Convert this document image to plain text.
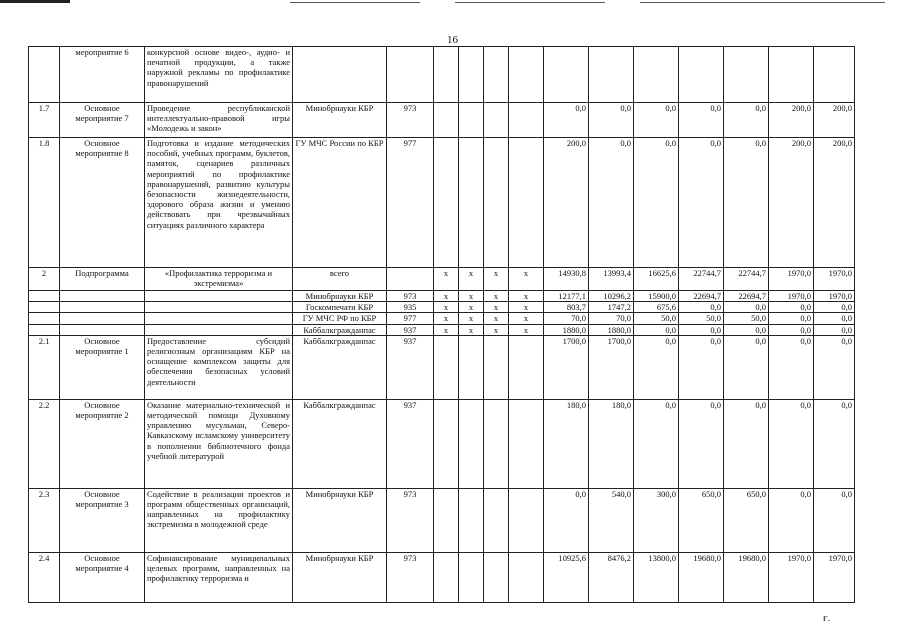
16
	мероприятие 6	конкурсной основе видео-, аудио- и печатной продукции, а также наружной рекламы по профилактике правонарушений													
1.7	Основное мероприятие 7	Проведение республиканской интеллектуально-правовой игры «Молодежь и закон»	Минобрнауки КБР	973					0,0	0,0	0,0	0,0	0,0	200,0	200,0
1.8	Основное мероприятие 8	Подготовка и издание методических пособий, учебных программ, буклетов, памяток, сценариев различных мероприятий по профилактике правонарушений, развитию культуры безопасности жизнедеятельности, здорового образа жизни и умению действовать при чрезвычайных ситуациях различного характера	ГУ МЧС России по КБР	977					200,0	0,0	0,0	0,0	0,0	200,0	200,0
2	Подпрограмма	«Профилактика терроризма и экстремизма»	всего		х	х	х	х	14930,8	13993,4	16625,6	22744,7	22744,7	1970,0	1970,0
			Минобрнауки КБР	973	х	х	х	х	12177,1	10296,2	15900,0	22694,7	22694,7	1970,0	1970,0
			Госкомпечати КБР	935	х	х	х	х	803,7	1747,2	675,6	0,0	0,0	0,0	0,0
			ГУ МЧС РФ по КБР	977	х	х	х	х	70,0	70,0	50,0	50,0	50,0	0,0	0,0
			Каббалкгражданпас	937	х	х	х	х	1880,0	1880,0	0,0	0,0	0,0	0,0	0,0
2.1	Основное мероприятие 1	Предоставление субсидий религиозным организациям КБР на оснащение комплексом защиты для обеспечения безопасных условий деятельности	Каббалкгражданпас	937					1700,0	1700,0	0,0	0,0	0,0	0,0	0,0
2.2	Основное мероприятие 2	Оказание материально-технической и методической помощи Духовному управлению мусульман, Северо-Кавказскому исламскому университету в пополнении библиотечного фонда учебной литературой	Каббалкгражданпас	937					180,0	180,0	0,0	0,0	0,0	0,0	0,0
2.3	Основное мероприятие 3	Содействие в реализации проектов и программ общественных организаций, направленных на профилактику экстремизма в молодежной среде	Минобрнауки КБР	973					0,0	540,0	300,0	650,0	650,0	0,0	0,0
2.4	Основное мероприятие 4	Софинансирование муниципальных целевых программ, направленных на профилактику терроризма и	Минобрнауки КБР	973					10925,6	8476,2	13800,0	19680,0	19680,0	1970,0	1970,0
ғ.
